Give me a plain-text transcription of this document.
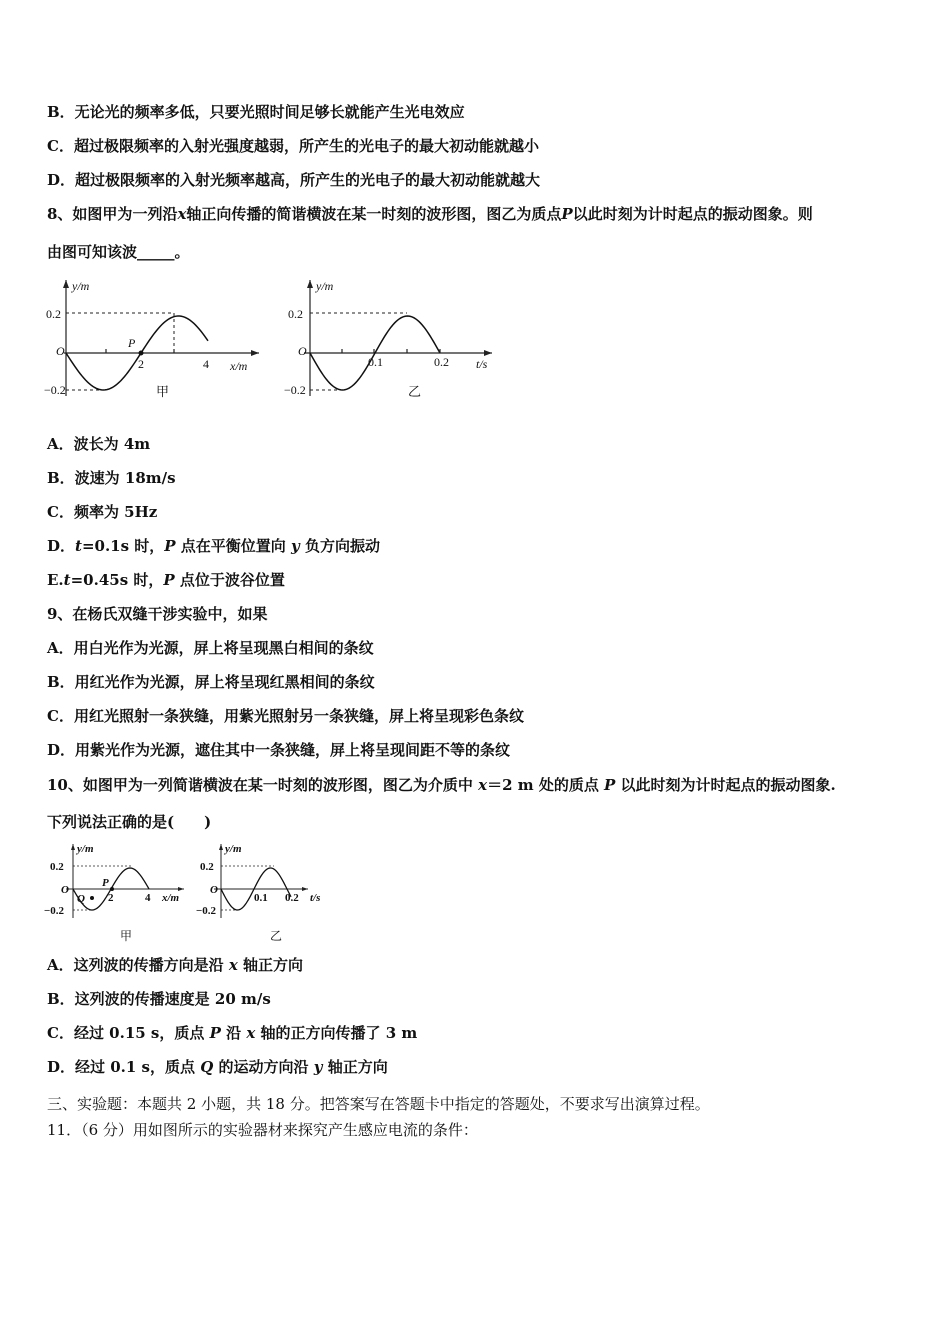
B．无论光的频率多低，只要光照时间足够长就能产生光电效应
C．超过极限频率的入射光强度越弱，所产生的光电子的最大初动能就越小
D．超过极限频率的入射光频率越高，所产生的光电子的最大初动能就越大
8、如图甲为一列沿x轴正向传播的简谐横波在某一时刻的波形图，图乙为质点P以此时刻为计时起点的振动图象。则
由图可知该波_____。
y/m
0.2
−0.2
O
P
2	4 x/m
甲
y/m
0.2
−0.2
O
0.1	0.2 t/s
乙
A．波长为 4m
B．波速为 18m/s
C．频率为 5Hz
D．t=0.1s 时，P 点在平衡位置向 y 负方向振动
E.t=0.45s 时，P 点位于波谷位置
9、在杨氏双缝干涉实验中，如果
A．用白光作为光源，屏上将呈现黑白相间的条纹
B．用红光作为光源，屏上将呈现红黑相间的条纹
C．用红光照射一条狭缝，用紫光照射另一条狭缝，屏上将呈现彩色条纹
D．用紫光作为光源，遮住其中一条狭缝，屏上将呈现间距不等的条纹
10、如图甲为一列简谐横波在某一时刻的波形图，图乙为介质中 x＝2 m 处的质点 P 以此时刻为计时起点的振动图象.
下列说法正确的是(　　)
y/m
0.2
−0.2
O
Q
P
2	4 x/m
甲
y/m
0.2
−0.2
O
0.1 0.2 t/s
乙
A．这列波的传播方向是沿 x 轴正方向
B．这列波的传播速度是 20 m/s
C．经过 0.15 s，质点 P 沿 x 轴的正方向传播了 3 m
D．经过 0.1 s，质点 Q 的运动方向沿 y 轴正方向
三、实验题：本题共 2 小题，共 18 分。把答案写在答题卡中指定的答题处，不要求写出演算过程。
11．（6 分）用如图所示的实验器材来探究产生感应电流的条件：
